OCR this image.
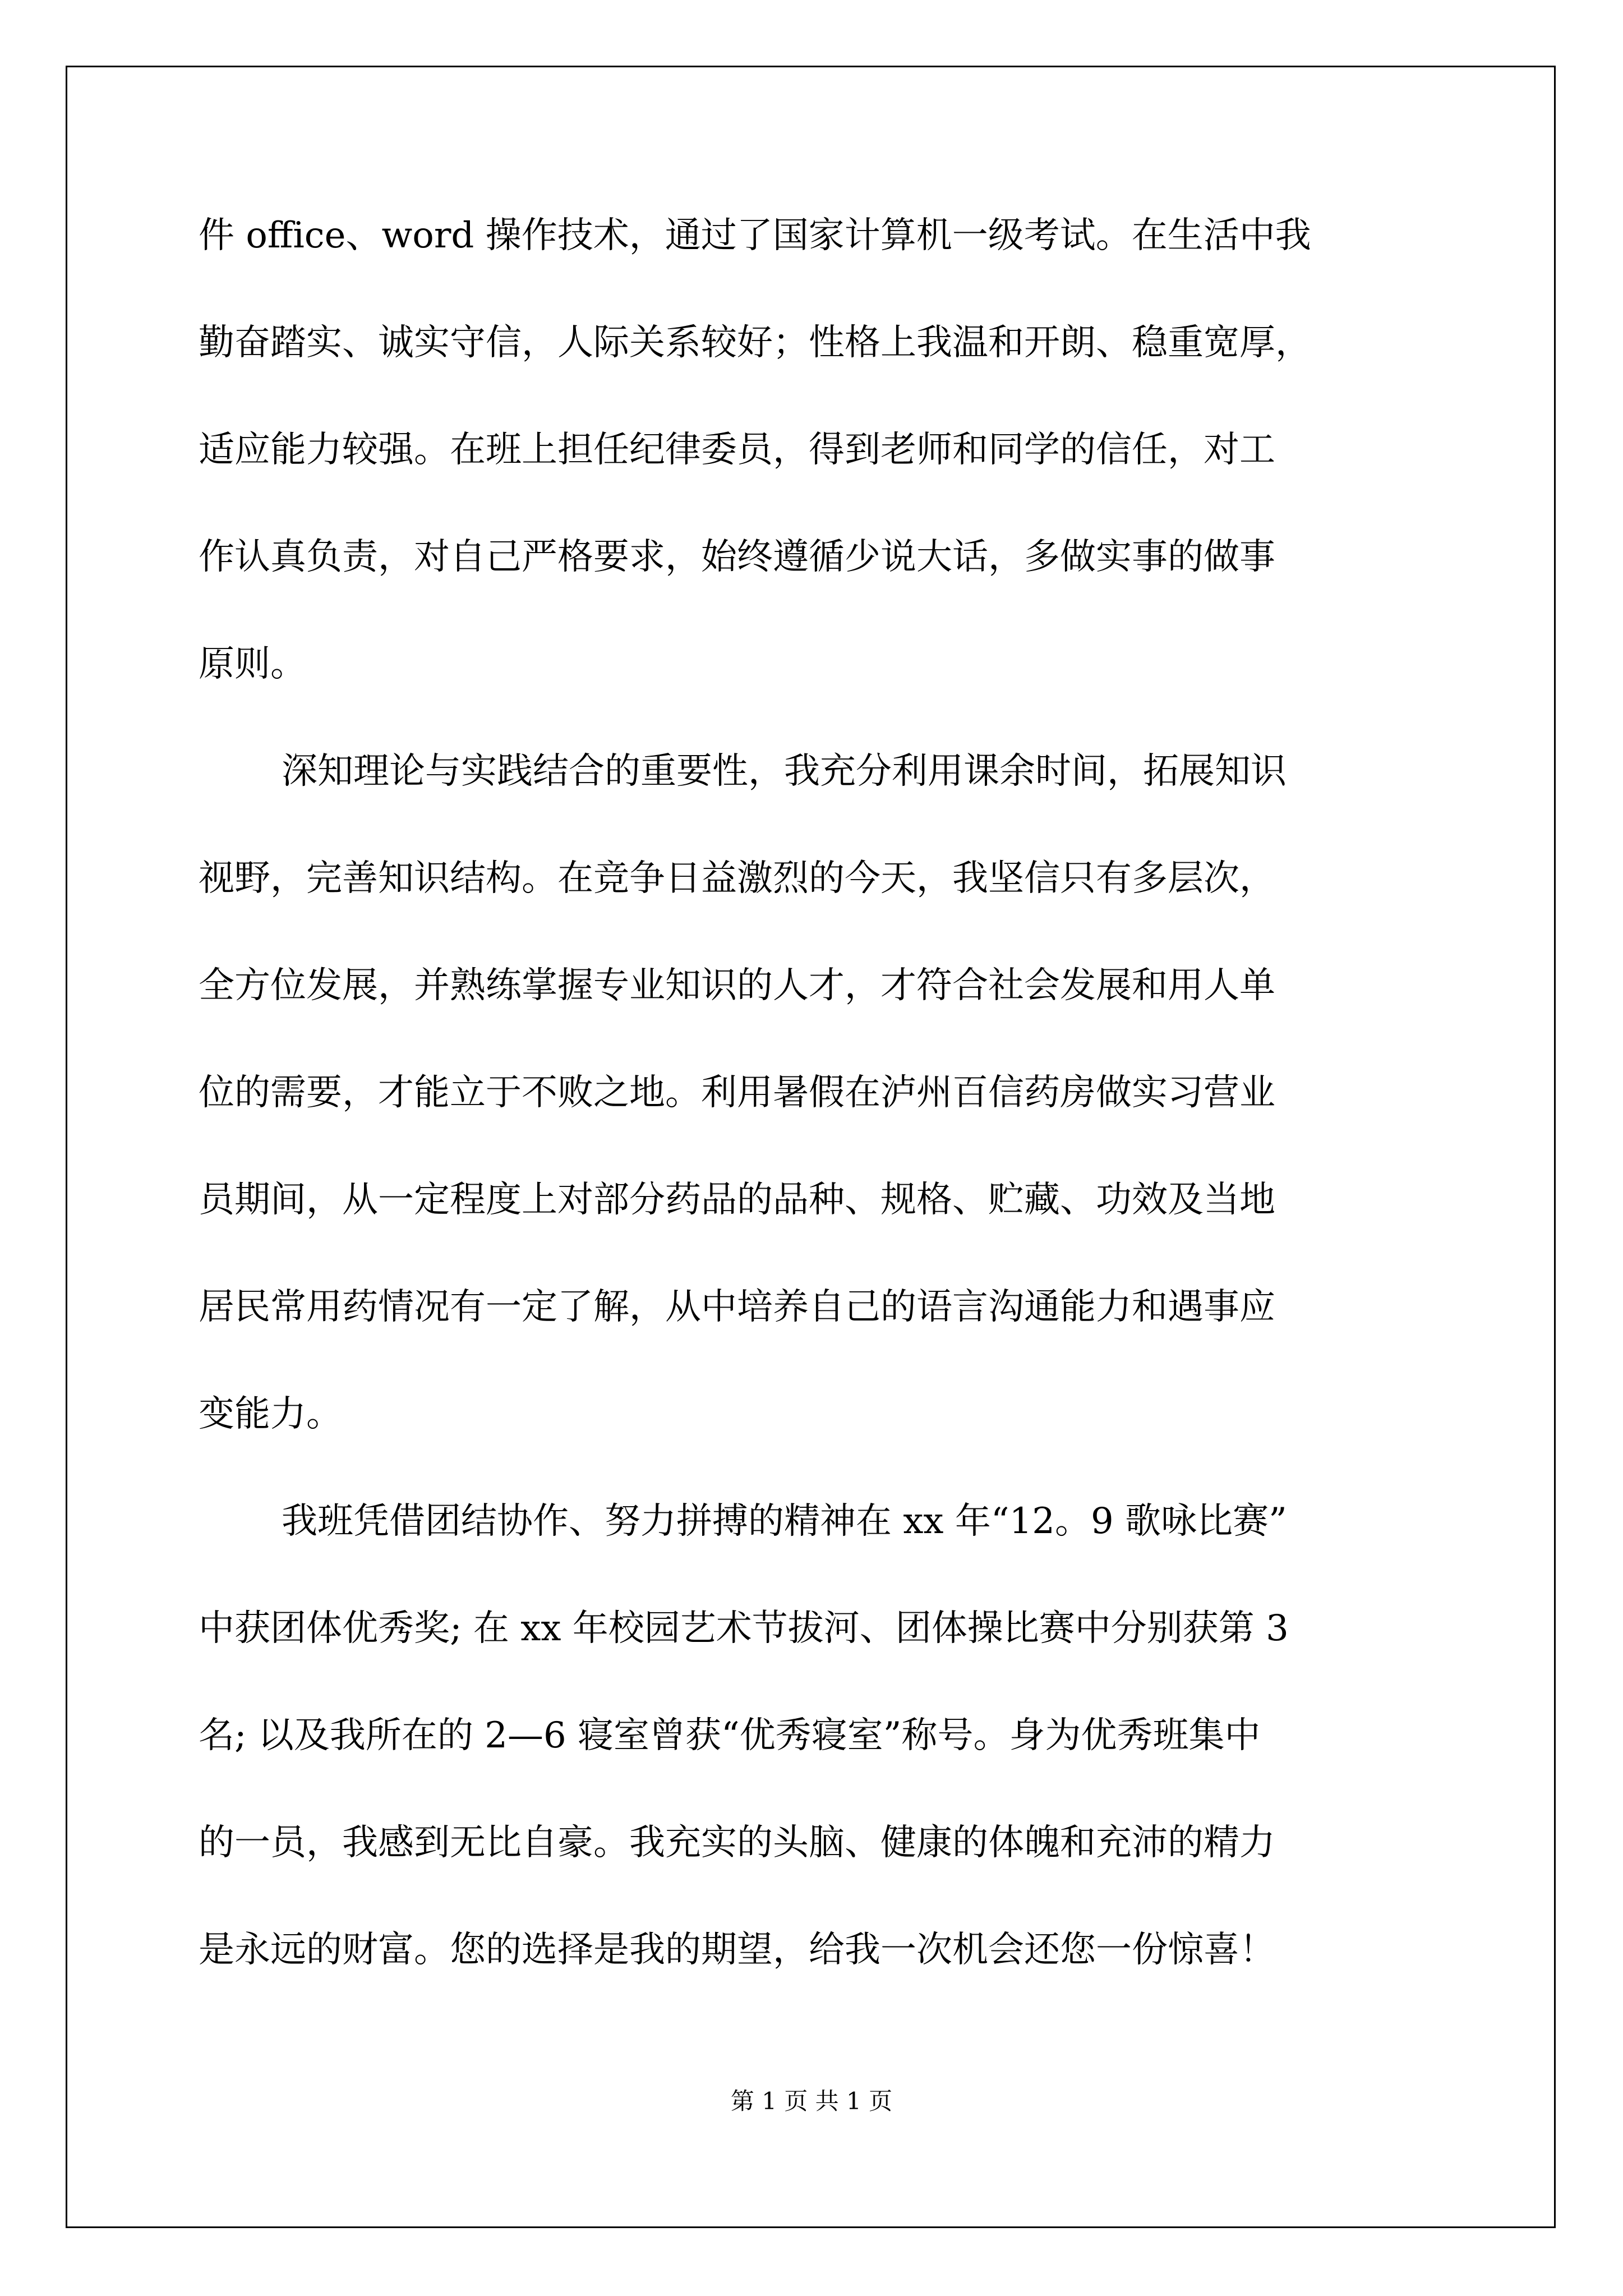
件 office、word 操作技术，通过了国家计算机一级考试。在生活中我
勤奋踏实、诚实守信，人际关系较好；性格上我温和开朗、稳重宽厚，
适应能力较强。在班上担任纪律委员，得到老师和同学的信任，对工
作认真负责，对自己严格要求，始终遵循少说大话，多做实事的做事
原则。
深知理论与实践结合的重要性，我充分利用课余时间，拓展知识
视野，完善知识结构。在竞争日益激烈的今天，我坚信只有多层次，
全方位发展，并熟练掌握专业知识的人才，才符合社会发展和用人单
位的需要，才能立于不败之地。利用暑假在泸州百信药房做实习营业
员期间，从一定程度上对部分药品的品种、规格、贮藏、功效及当地
居民常用药情况有一定了解，从中培养自己的语言沟通能力和遇事应
变能力。
我班凭借团结协作、努力拼搏的精神在 xx 年“12。9 歌咏比赛”
中获团体优秀奖; 在 xx 年校园艺术节拔河、团体操比赛中分别获第 3
名; 以及我所在的 2—6 寝室曾获“优秀寝室”称号。身为优秀班集中
的一员，我感到无比自豪。我充实的头脑、健康的体魄和充沛的精力
是永远的财富。您的选择是我的期望，给我一次机会还您一份惊喜！
第 1 页 共 1 页
